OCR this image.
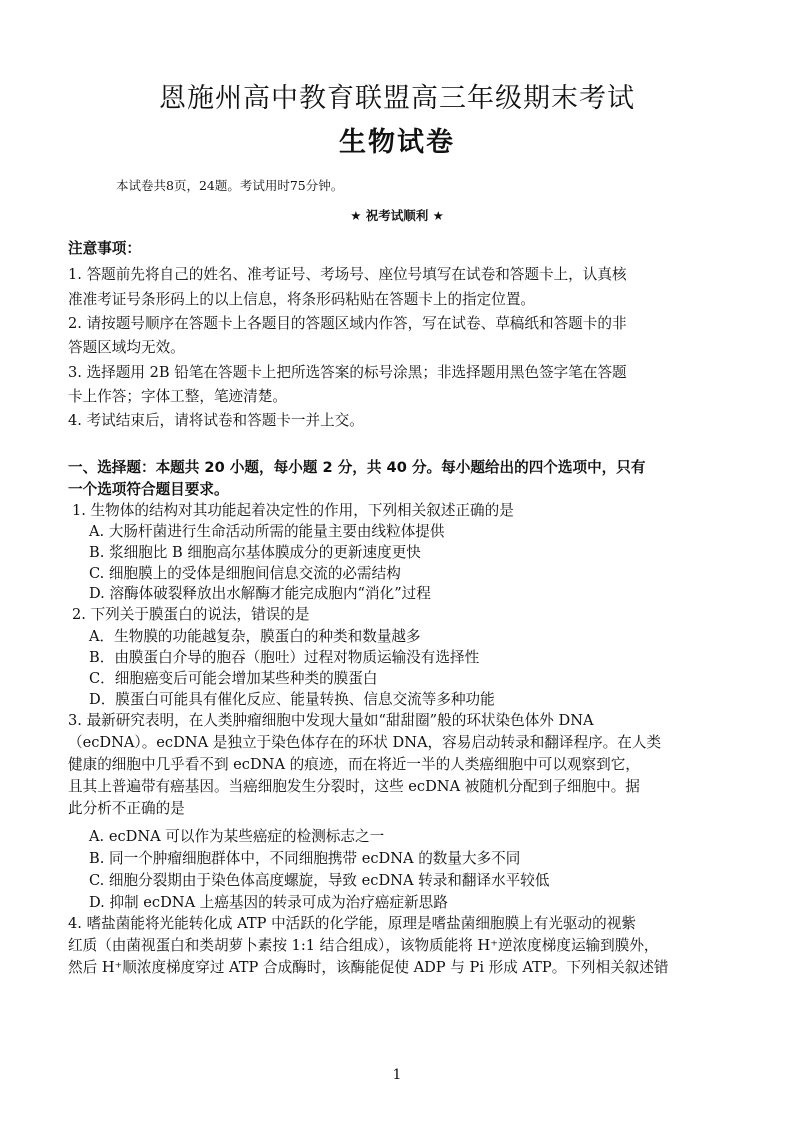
恩施州高中教育联盟高三年级期末考试
生物试卷
本试卷共8页，24题。考试用时75分钟。
★ 祝考试顺利 ★
注意事项：
1. 答题前先将自己的姓名、准考证号、考场号、座位号填写在试卷和答题卡上，认真核
准准考证号条形码上的以上信息，将条形码粘贴在答题卡上的指定位置。
2. 请按题号顺序在答题卡上各题目的答题区域内作答，写在试卷、草稿纸和答题卡的非
答题区域均无效。
3. 选择题用 2B 铅笔在答题卡上把所选答案的标号涂黑；非选择题用黑色签字笔在答题
卡上作答；字体工整，笔迹清楚。
4. 考试结束后，请将试卷和答题卡一并上交。
一、选择题：本题共 20 小题，每小题 2 分，共 40 分。每小题给出的四个选项中，只有
一个选项符合题目要求。
1. 生物体的结构对其功能起着决定性的作用，下列相关叙述正确的是
A. 大肠杆菌进行生命活动所需的能量主要由线粒体提供
B. 浆细胞比 B 细胞高尔基体膜成分的更新速度更快
C. 细胞膜上的受体是细胞间信息交流的必需结构
D. 溶酶体破裂释放出水解酶才能完成胞内“消化”过程
2. 下列关于膜蛋白的说法，错误的是
A．生物膜的功能越复杂，膜蛋白的种类和数量越多
B．由膜蛋白介导的胞吞（胞吐）过程对物质运输没有选择性
C．细胞癌变后可能会增加某些种类的膜蛋白
D．膜蛋白可能具有催化反应、能量转换、信息交流等多种功能
3. 最新研究表明，在人类肿瘤细胞中发现大量如“甜甜圈”般的环状染色体外 DNA
（ecDNA）。ecDNA 是独立于染色体存在的环状 DNA，容易启动转录和翻译程序。在人类
健康的细胞中几乎看不到 ecDNA 的痕迹，而在将近一半的人类癌细胞中可以观察到它，
且其上普遍带有癌基因。当癌细胞发生分裂时，这些 ecDNA 被随机分配到子细胞中。据
此分析不正确的是
A. ecDNA 可以作为某些癌症的检测标志之一
B. 同一个肿瘤细胞群体中，不同细胞携带 ecDNA 的数量大多不同
C. 细胞分裂期由于染色体高度螺旋，导致 ecDNA 转录和翻译水平较低
D. 抑制 ecDNA 上癌基因的转录可成为治疗癌症新思路
4. 嗜盐菌能将光能转化成 ATP 中活跃的化学能，原理是嗜盐菌细胞膜上有光驱动的视紫
红质（由菌视蛋白和类胡萝卜素按 1:1 结合组成），该物质能将 H⁺逆浓度梯度运输到膜外，
然后 H⁺顺浓度梯度穿过 ATP 合成酶时，该酶能促使 ADP 与 Pi 形成 ATP。下列相关叙述错
1
